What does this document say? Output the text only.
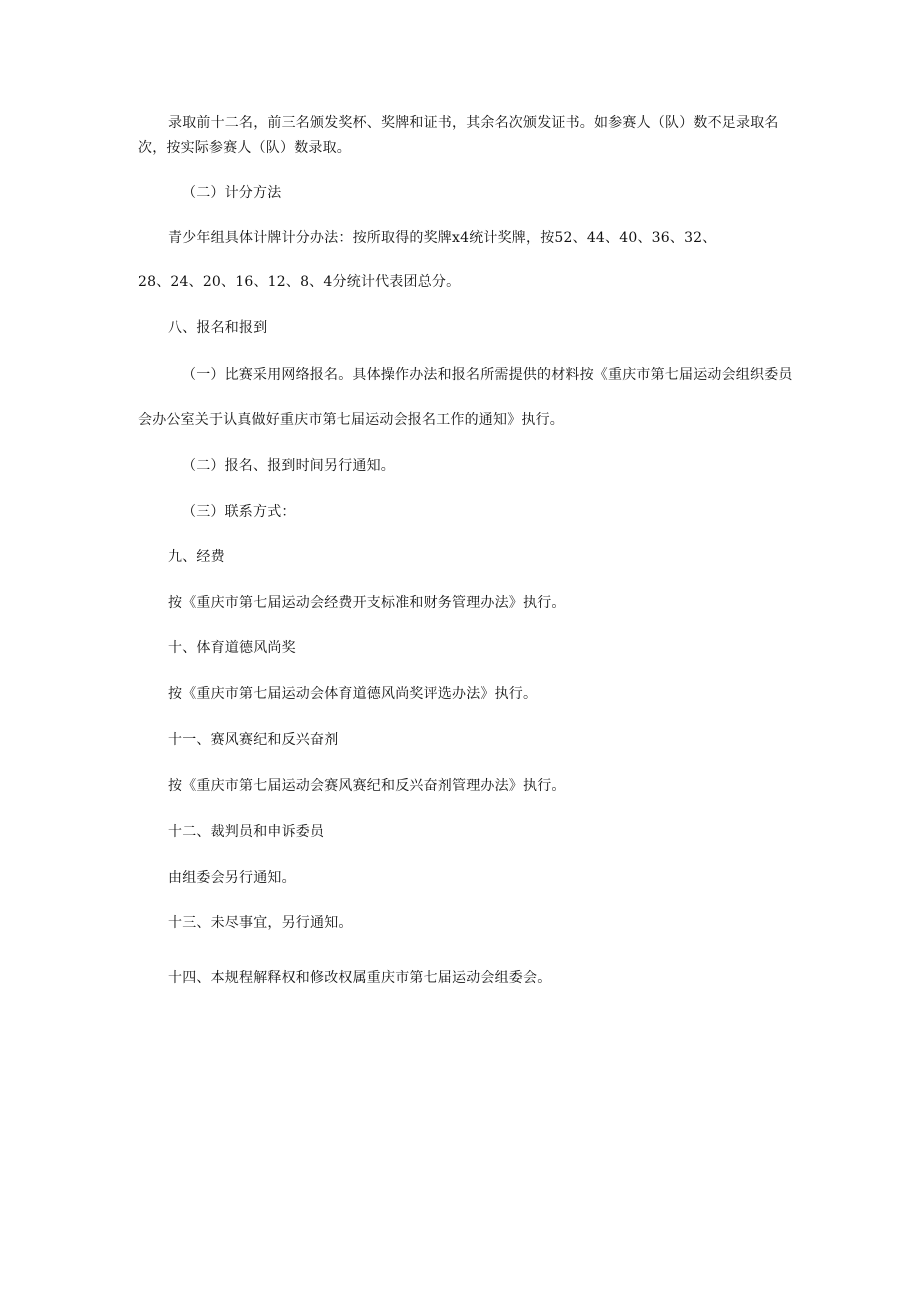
录取前十二名，前三名颁发奖杯、奖牌和证书，其余名次颁发证书。如参赛人（队）数不足录取名
次，按实际参赛人（队）数录取。
（二）计分方法
青少年组具体计牌计分办法：按所取得的奖牌x4统计奖牌，按52、44、40、36、32、
28、24、20、16、12、8、4分统计代表团总分。
八、报名和报到
（一）比赛采用网络报名。具体操作办法和报名所需提供的材料按《重庆市第七届运动会组织委员
会办公室关于认真做好重庆市第七届运动会报名工作的通知》执行。
（二）报名、报到时间另行通知。
（三）联系方式：
九、经费
按《重庆市第七届运动会经费开支标准和财务管理办法》执行。
十、体育道德风尚奖
按《重庆市第七届运动会体育道德风尚奖评选办法》执行。
十一、赛风赛纪和反兴奋剂
按《重庆市第七届运动会赛风赛纪和反兴奋剂管理办法》执行。
十二、裁判员和申诉委员
由组委会另行通知。
十三、未尽事宜，另行通知。
十四、本规程解释权和修改权属重庆市第七届运动会组委会。
